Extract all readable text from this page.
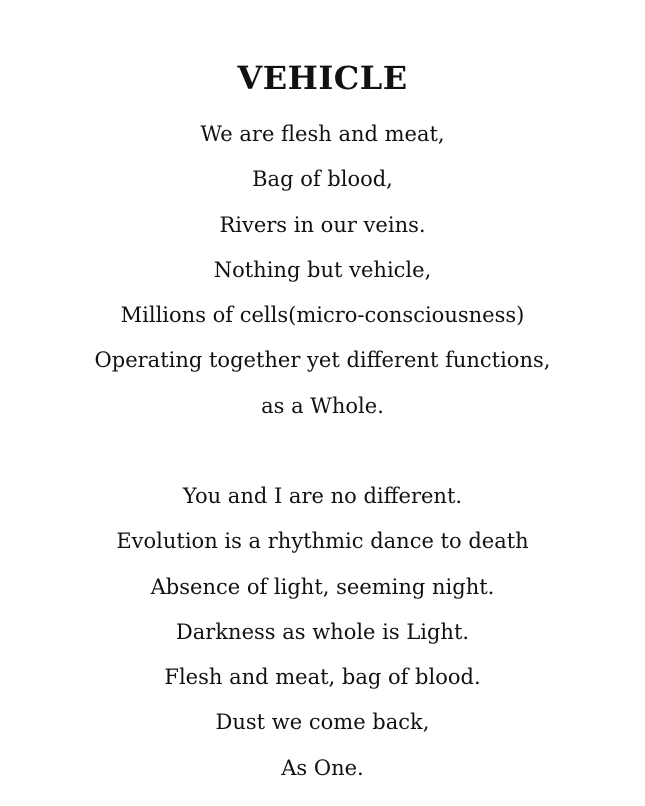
VEHICLE
We are flesh and meat,
Bag of blood,
Rivers in our veins.
Nothing but vehicle,
Millions of cells(micro-consciousness)
Operating together yet different functions,
as a Whole.
You and I are no different.
Evolution is a rhythmic dance to death
Absence of light, seeming night.
Darkness as whole is Light.
Flesh and meat, bag of blood.
Dust we come back,
As One.
